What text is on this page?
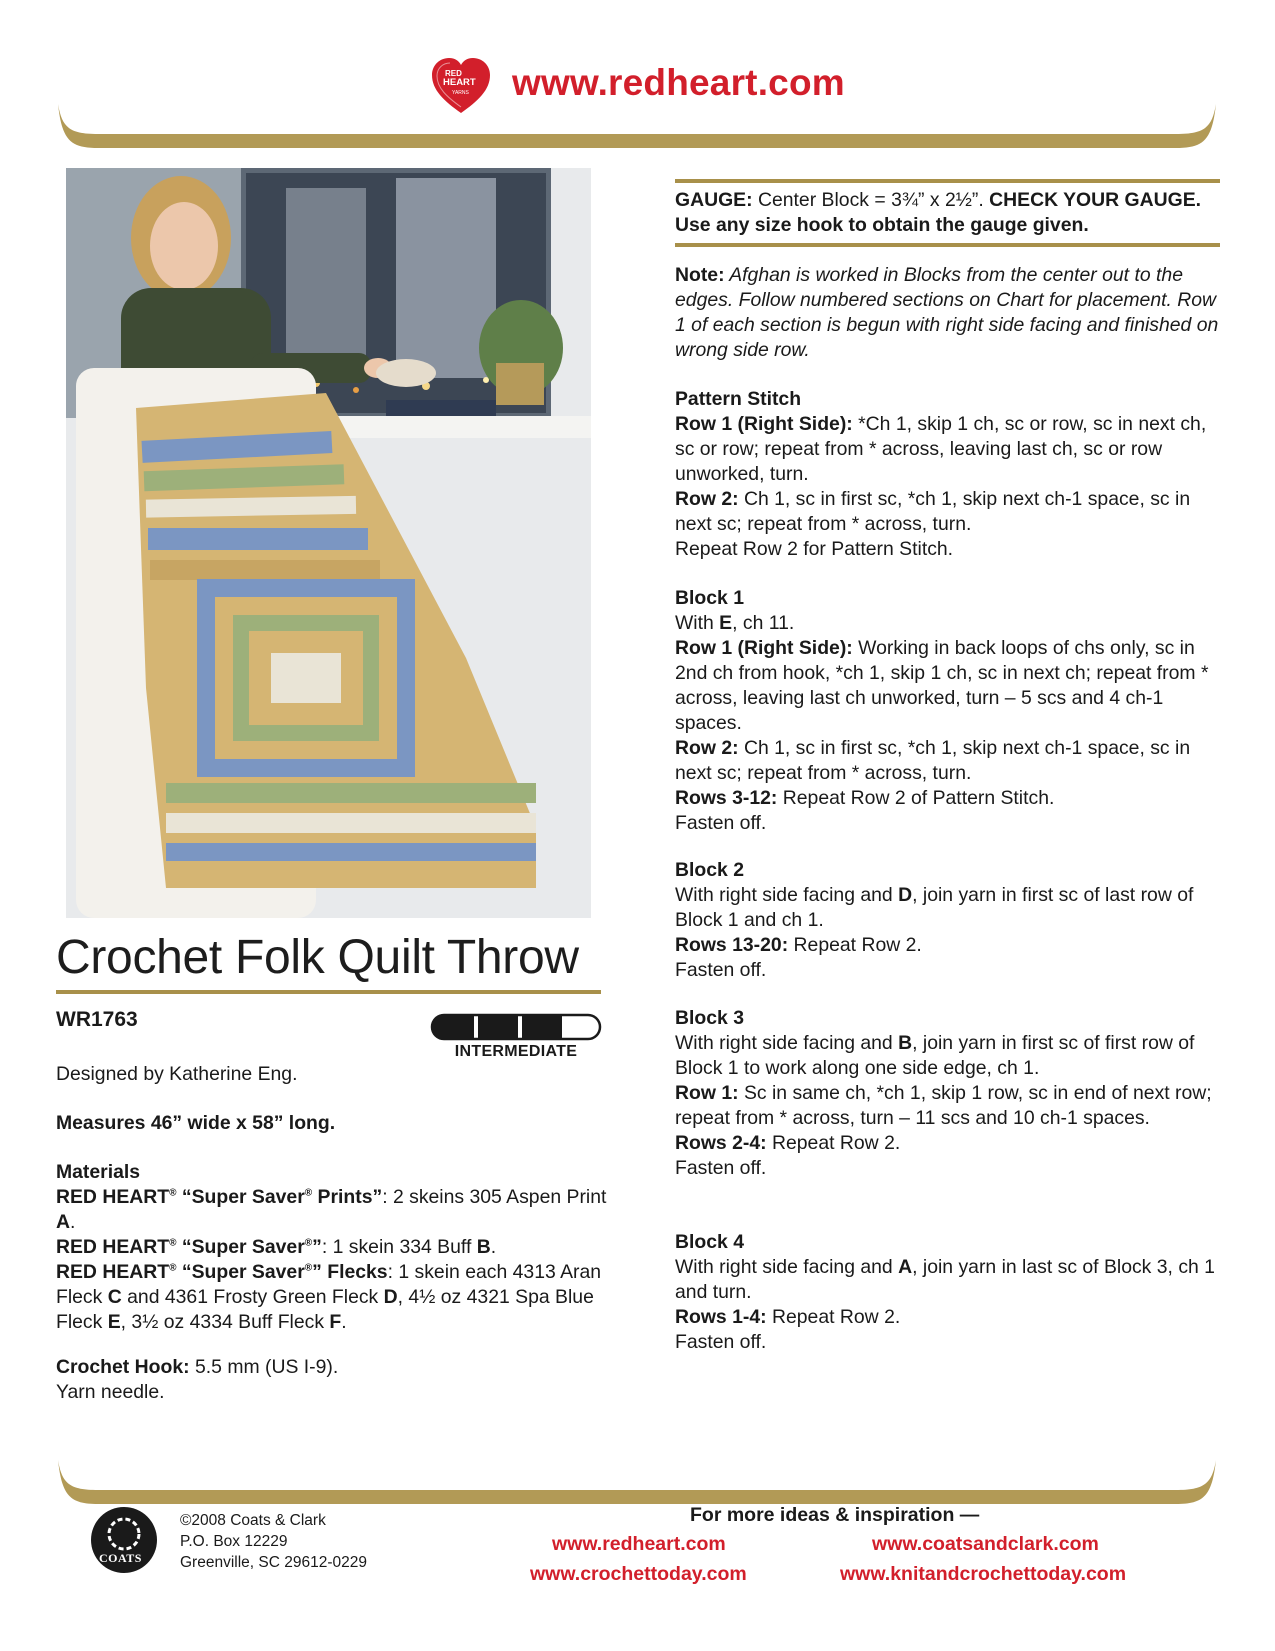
RED
HEART
YARNS www.redheart.com
Crochet Folk Quilt Throw
WR1763
INTERMEDIATE
Designed by Katherine Eng.
Measures 46” wide x 58” long.
Materials
RED HEART® “Super Saver® Prints”: 2 skeins 305 Aspen Print A.
RED HEART® “Super Saver®”: 1 skein 334 Buff B.
RED HEART® “Super Saver®” Flecks: 1 skein each 4313 Aran Fleck C and 4361 Frosty Green Fleck D, 4½ oz 4321 Spa Blue Fleck E, 3½ oz 4334 Buff Fleck F.
Crochet Hook: 5.5 mm (US I-9).
Yarn needle.
GAUGE: Center Block = 3¾” x 2½”. CHECK YOUR GAUGE. Use any size hook to obtain the gauge given.
Note: Afghan is worked in Blocks from the center out to the edges. Follow numbered sections on Chart for placement. Row 1 of each section is begun with right side facing and finished on wrong side row.
Pattern Stitch
Row 1 (Right Side): *Ch 1, skip 1 ch, sc or row, sc in next ch, sc or row; repeat from * across, leaving last ch, sc or row unworked, turn.
Row 2: Ch 1, sc in first sc, *ch 1, skip next ch-1 space, sc in next sc; repeat from * across, turn.
Repeat Row 2 for Pattern Stitch.
Block 1
With E, ch 11.
Row 1 (Right Side): Working in back loops of chs only, sc in 2nd ch from hook, *ch 1, skip 1 ch, sc in next ch; repeat from * across, leaving last ch unworked, turn – 5 scs and 4 ch-1 spaces.
Row 2: Ch 1, sc in first sc, *ch 1, skip next ch-1 space, sc in next sc; repeat from * across, turn.
Rows 3-12: Repeat Row 2 of Pattern Stitch.
Fasten off.
Block 2
With right side facing and D, join yarn in first sc of last row of Block 1 and ch 1.
Rows 13-20: Repeat Row 2.
Fasten off.
Block 3
With right side facing and B, join yarn in first sc of first row of Block 1 to work along one side edge, ch 1.
Row 1: Sc in same ch, *ch 1, skip 1 row, sc in end of next row; repeat from * across, turn – 11 scs and 10 ch-1 spaces.
Rows 2-4: Repeat Row 2.
Fasten off.
Block 4
With right side facing and A, join yarn in last sc of Block 3, ch 1 and turn.
Rows 1-4: Repeat Row 2.
Fasten off.
COATS
©2008 Coats & Clark
P.O. Box 12229
Greenville, SC 29612-0229
For more ideas & inspiration —
www.redheart.com	www.coatsandclark.com
www.crochettoday.com	www.knitandcrochettoday.com
